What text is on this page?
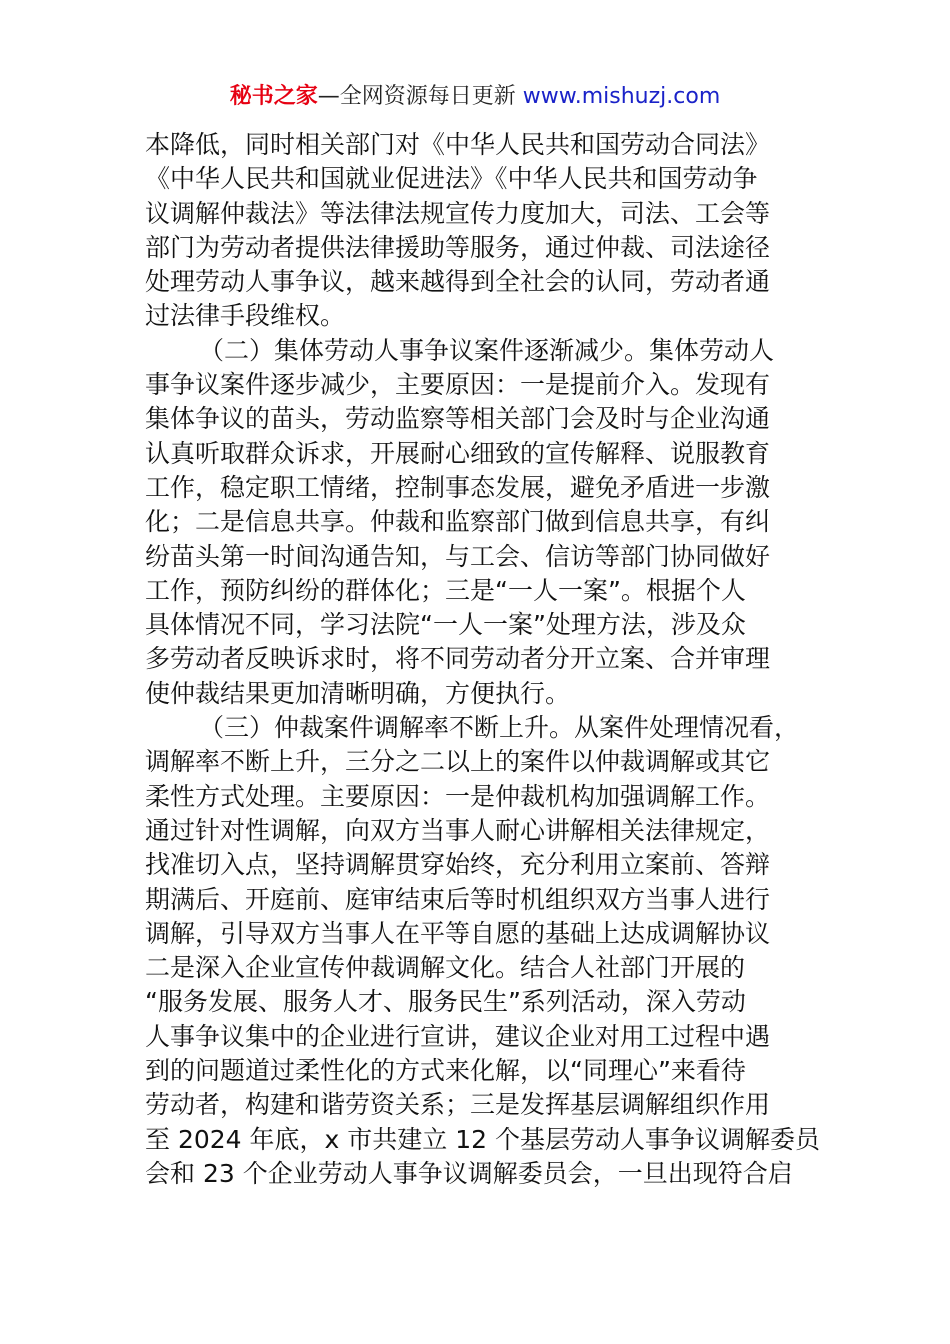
秘书之家—全网资源每日更新 www.mishuzj.com
本降低，同时相关部门对《中华人民共和国劳动合同法》
《中华人民共和国就业促进法》《中华人民共和国劳动争
议调解仲裁法》等法律法规宣传力度加大，司法、工会等
部门为劳动者提供法律援助等服务，通过仲裁、司法途径
处理劳动人事争议，越来越得到全社会的认同，劳动者通
过法律手段维权。
（二）集体劳动人事争议案件逐渐减少。集体劳动人
事争议案件逐步减少，主要原因：一是提前介入。发现有
集体争议的苗头，劳动监察等相关部门会及时与企业沟通
认真听取群众诉求，开展耐心细致的宣传解释、说服教育
工作，稳定职工情绪，控制事态发展，避免矛盾进一步激
化；二是信息共享。仲裁和监察部门做到信息共享，有纠
纷苗头第一时间沟通告知，与工会、信访等部门协同做好
工作，预防纠纷的群体化；三是“一人一案”。根据个人
具体情况不同，学习法院“一人一案”处理方法，涉及众
多劳动者反映诉求时，将不同劳动者分开立案、合并审理
使仲裁结果更加清晰明确，方便执行。
（三）仲裁案件调解率不断上升。从案件处理情况看，
调解率不断上升，三分之二以上的案件以仲裁调解或其它
柔性方式处理。主要原因：一是仲裁机构加强调解工作。
通过针对性调解，向双方当事人耐心讲解相关法律规定，
找准切入点，坚持调解贯穿始终，充分利用立案前、答辩
期满后、开庭前、庭审结束后等时机组织双方当事人进行
调解，引导双方当事人在平等自愿的基础上达成调解协议
二是深入企业宣传仲裁调解文化。结合人社部门开展的
“服务发展、服务人才、服务民生”系列活动，深入劳动
人事争议集中的企业进行宣讲，建议企业对用工过程中遇
到的问题道过柔性化的方式来化解，以“同理心”来看待
劳动者，构建和谐劳资关系；三是发挥基层调解组织作用
至 2024 年底，x 市共建立 12 个基层劳动人事争议调解委员
会和 23 个企业劳动人事争议调解委员会，一旦出现符合启
